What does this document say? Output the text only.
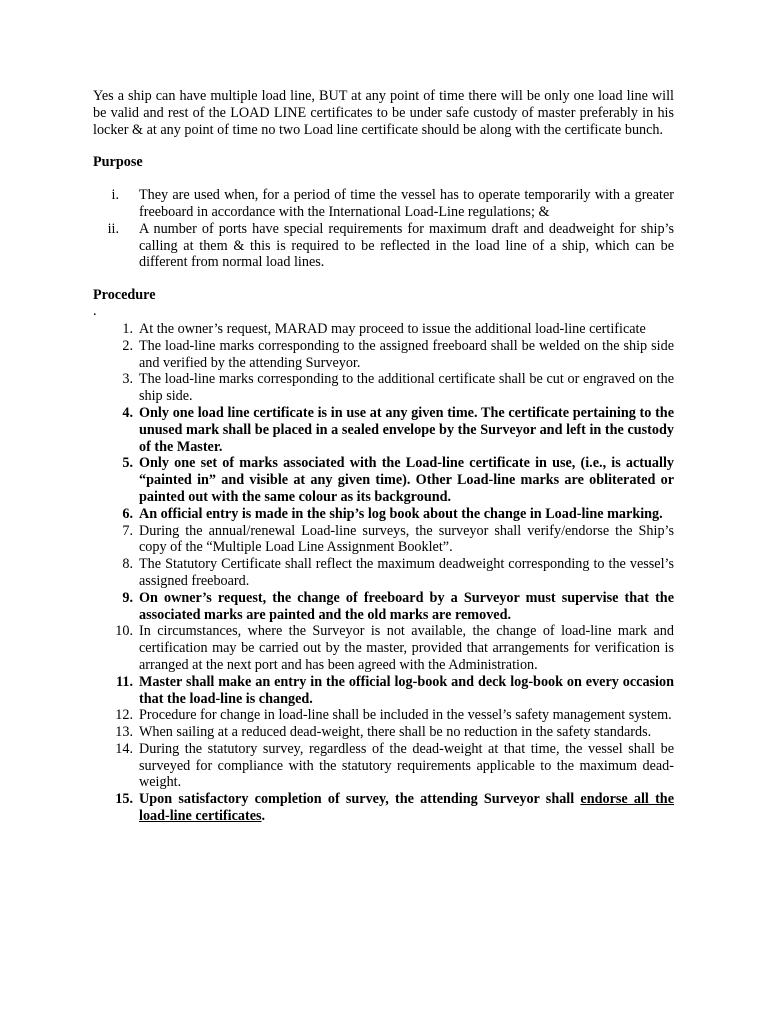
Yes a ship can have multiple load line, BUT at any point of time there will be only one load line will be valid and rest of the LOAD LINE certificates to be under safe custody of master preferably in his locker & at any point of time no two Load line certificate should be along with the certificate bunch.

Purpose
i. They are used when, for a period of time the vessel has to operate temporarily with a greater freeboard in accordance with the International Load-Line regulations; &
ii. A number of ports have special requirements for maximum draft and deadweight for ship’s calling at them & this is required to be reflected in the load line of a ship, which can be different from normal load lines.
Procedure
.
1. At the owner’s request, MARAD may proceed to issue the additional load-line certificate
2. The load-line marks corresponding to the assigned freeboard shall be welded on the ship side and verified by the attending Surveyor.
3. The load-line marks corresponding to the additional certificate shall be cut or engraved on the ship side.
4. Only one load line certificate is in use at any given time. The certificate pertaining to the unused mark shall be placed in a sealed envelope by the Surveyor and left in the custody of the Master.
5. Only one set of marks associated with the Load-line certificate in use, (i.e., is actually “painted in” and visible at any given time). Other Load-line marks are obliterated or painted out with the same colour as its background.
6. An official entry is made in the ship’s log book about the change in Load-line marking.
7. During the annual/renewal Load-line surveys, the surveyor shall verify/endorse the Ship’s copy of the “Multiple Load Line Assignment Booklet”.
8. The Statutory Certificate shall reflect the maximum deadweight corresponding to the vessel’s assigned freeboard.
9. On owner’s request, the change of freeboard by a Surveyor must supervise that the associated marks are painted and the old marks are removed.
10. In circumstances, where the Surveyor is not available, the change of load-line mark and certification may be carried out by the master, provided that arrangements for verification is arranged at the next port and has been agreed with the Administration.
11. Master shall make an entry in the official log-book and deck log-book on every occasion that the load-line is changed.
12. Procedure for change in load-line shall be included in the vessel’s safety management system.
13. When sailing at a reduced dead-weight, there shall be no reduction in the safety standards.
14. During the statutory survey, regardless of the dead-weight at that time, the vessel shall be surveyed for compliance with the statutory requirements applicable to the maximum dead-weight.
15. Upon satisfactory completion of survey, the attending Surveyor shall endorse all the load-line certificates.
